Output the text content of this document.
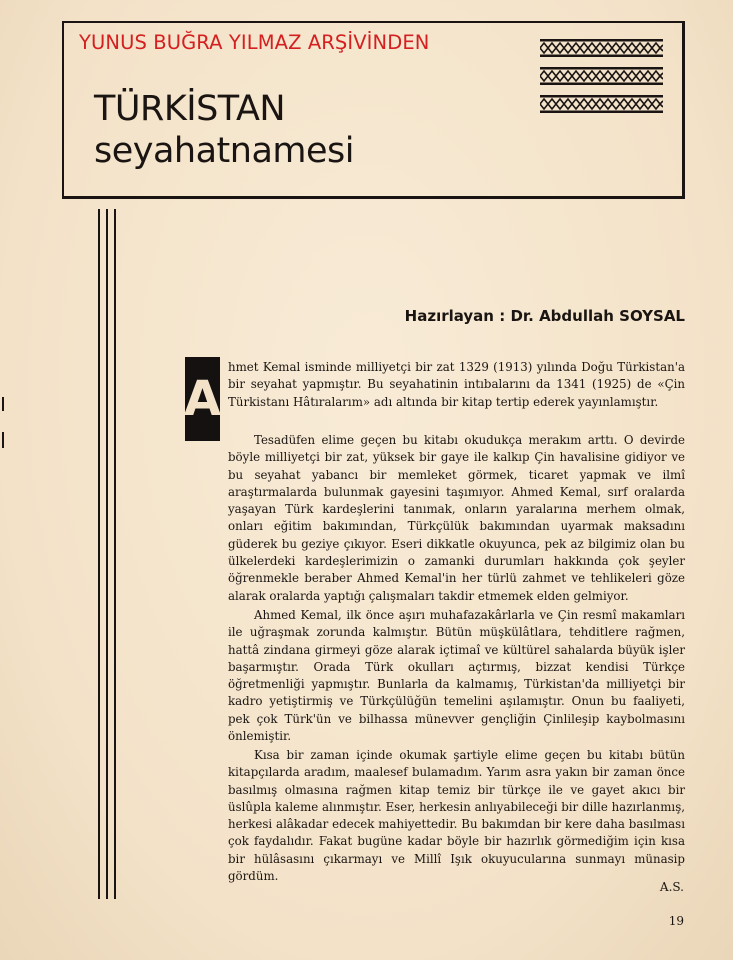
YUNUS BUĞRA YILMAZ ARŞİVİNDEN
TÜRKİSTAN
seyahatnamesi
Hazırlayan : Dr. Abdullah SOYSAL
A

hmet Kemal isminde milliyetçi bir zat 1329 (1913) yılında Doğu Türkistan'a bir seyahat yapmıştır. Bu seyahatinin intıbalarını da 1341 (1925) de «Çin Türkistanı Hâtıralarım» adı altında bir kitap tertip ederek yayınlamıştır.

Tesadüfen elime geçen bu kitabı okudukça merakım arttı. O devirde böyle milliyetçi bir zat, yüksek bir gaye ile kalkıp Çin havalisine gidiyor ve bu seyahat yabancı bir memleket görmek, ticaret yapmak ve ilmî araştırmalarda bulunmak gayesini taşımıyor. Ahmed Kemal, sırf oralarda yaşayan Türk kardeşlerini tanımak, onların yaralarına merhem olmak, onları eğitim bakımından, Türkçülük bakımından uyarmak maksadını güderek bu geziye çıkıyor. Eseri dikkatle okuyunca, pek az bilgimiz olan bu ülkelerdeki kardeşlerimizin o zamanki durumları hakkında çok şeyler öğrenmekle beraber Ahmed Kemal'in her türlü zahmet ve tehlikeleri göze alarak oralarda yaptığı çalışmaları takdir etmemek elden gelmiyor.

Ahmed Kemal, ilk önce aşırı muhafazakârlarla ve Çin resmî makamları ile uğraşmak zorunda kalmıştır. Bütün müşkülâtlara, tehditlere rağmen, hattâ zindana girmeyi göze alarak içtimaî ve kültürel sahalarda büyük işler başarmıştır. Orada Türk okulları açtırmış, bizzat kendisi Türkçe öğretmenliği yapmıştır. Bunlarla da kalmamış, Türkistan'da milliyetçi bir kadro yetiştirmiş ve Türkçülüğün temelini aşılamıştır. Onun bu faaliyeti, pek çok Türk'ün ve bilhassa münevver gençliğin Çinlileşip kaybolmasını önlemiştir.

Kısa bir zaman içinde okumak şartiyle elime geçen bu kitabı bütün kitapçılarda aradım, maalesef bulamadım. Yarım asra yakın bir zaman önce basılmış olmasına rağmen kitap temiz bir türkçe ile ve gayet akıcı bir üslûpla kaleme alınmıştır. Eser, herkesin anlıyabileceği bir dille hazırlanmış, herkesi alâkadar edecek mahiyettedir. Bu bakımdan bir kere daha basılması çok faydalıdır. Fakat bugüne kadar böyle bir hazırlık görmediğim için kısa bir hülâsasını çıkarmayı ve Millî Işık okuyucularına sunmayı münasip gördüm.

A.S.
19
